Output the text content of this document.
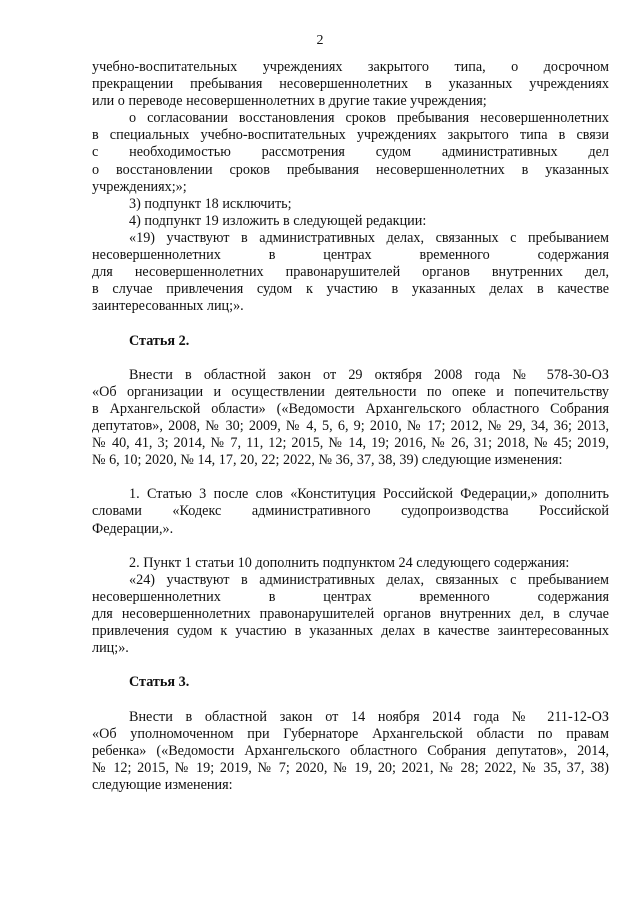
2
учебно-воспитательных учреждениях закрытого типа, о досрочном
прекращении пребывания несовершеннолетних в указанных учреждениях
или о переводе несовершеннолетних в другие такие учреждения;
о согласовании восстановления сроков пребывания несовершеннолетних
в специальных учебно-воспитательных учреждениях закрытого типа в связи
с необходимостью рассмотрения судом административных дел
о восстановлении сроков пребывания несовершеннолетних в указанных
учреждениях;»;
3) подпункт 18 исключить;
4) подпункт 19 изложить в следующей редакции:
«19) участвуют в административных делах, связанных с пребыванием
несовершеннолетних в центрах временного содержания
для несовершеннолетних правонарушителей органов внутренних дел,
в случае привлечения судом к участию в указанных делах в качестве
заинтересованных лиц;».
Статья 2.
Внести в областной закон от 29 октября 2008 года № 578-30-ОЗ
«Об организации и осуществлении деятельности по опеке и попечительству
в Архангельской области» («Ведомости Архангельского областного Собрания
депутатов», 2008, № 30; 2009, № 4, 5, 6, 9; 2010, № 17; 2012, № 29, 34, 36; 2013,
№ 40, 41, 3; 2014, № 7, 11, 12; 2015, № 14, 19; 2016, № 26, 31; 2018, № 45; 2019,
№ 6, 10; 2020, № 14, 17, 20, 22; 2022, № 36, 37, 38, 39) следующие изменения:
1. Статью 3 после слов «Конституция Российской Федерации,» дополнить
словами «Кодекс административного судопроизводства Российской
Федерации,».
2. Пункт 1 статьи 10 дополнить подпунктом 24 следующего содержания:
«24) участвуют в административных делах, связанных с пребыванием
несовершеннолетних в центрах временного содержания
для несовершеннолетних правонарушителей органов внутренних дел, в случае
привлечения судом к участию в указанных делах в качестве заинтересованных
лиц;».
Статья 3.
Внести в областной закон от 14 ноября 2014 года № 211-12-ОЗ
«Об уполномоченном при Губернаторе Архангельской области по правам
ребенка» («Ведомости Архангельского областного Собрания депутатов», 2014,
№ 12; 2015, № 19; 2019, № 7; 2020, № 19, 20; 2021, № 28; 2022, № 35, 37, 38)
следующие изменения:
